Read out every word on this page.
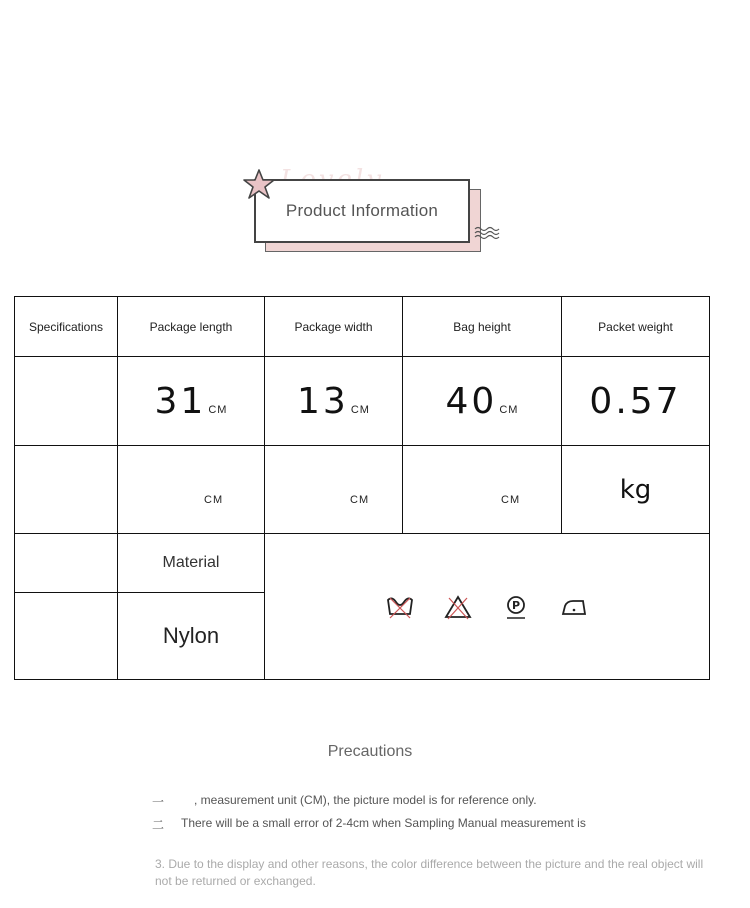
Product Information
Specifications	Package length	Package width	Bag height	Packet weight
	31 CM	13 CM	40 CM	0.57

	CM	CM	CM	kg
	Material	P		

	Nylon			
Precautions
一 , measurement unit (CM), the picture model is for reference only.
二 There will be a small error of 2-4cm when Sampling Manual measurement is
3. Due to the display and other reasons, the color difference between the picture and the real object will not be returned or exchanged.
